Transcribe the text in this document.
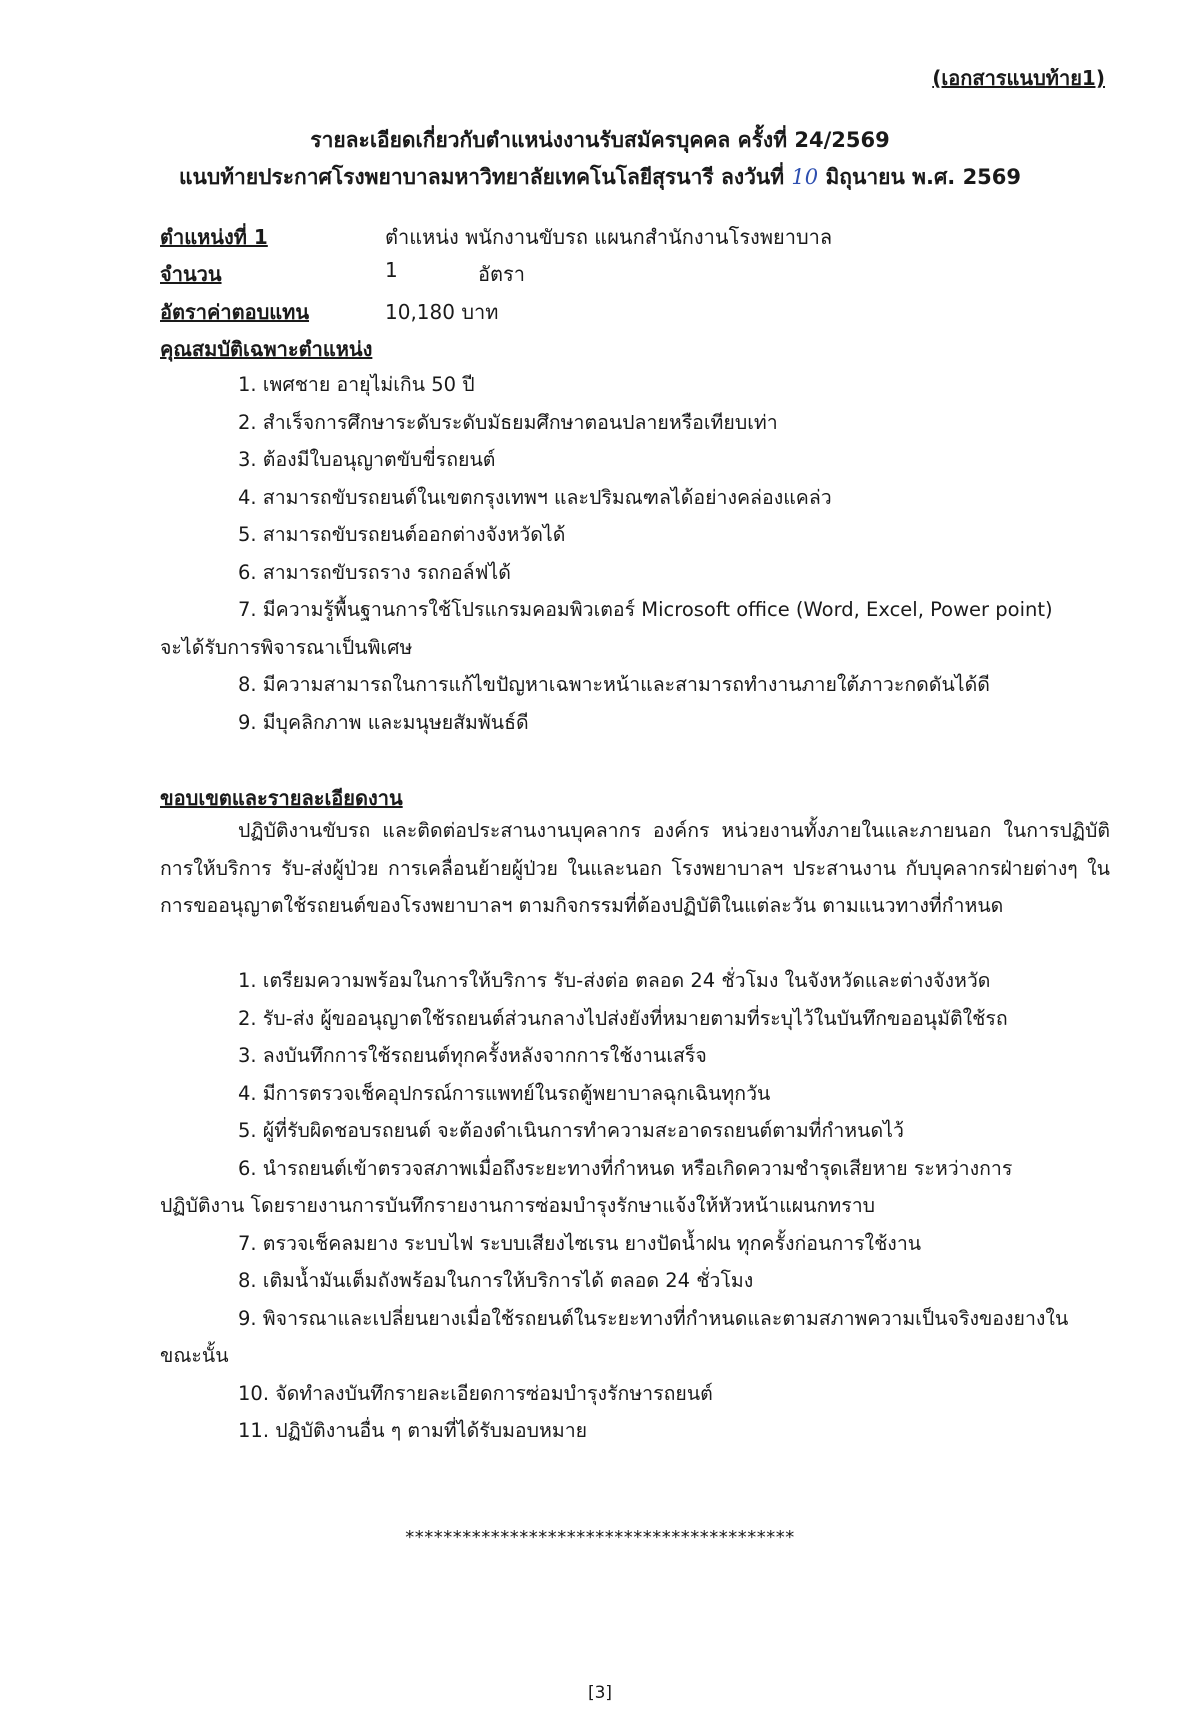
(เอกสารแนบท้าย1)
รายละเอียดเกี่ยวกับตำแหน่งงานรับสมัครบุคคล ครั้งที่ 24/2569
แนบท้ายประกาศโรงพยาบาลมหาวิทยาลัยเทคโนโลยีสุรนารี ลงวันที่ 10 มิถุนายน พ.ศ. 2569
ตำแหน่งที่ 1	ตำแหน่ง พนักงานขับรถ แผนกสำนักงานโรงพยาบาล
จำนวน	1	อัตรา
อัตราค่าตอบแทน	10,180 บาท
คุณสมบัติเฉพาะตำแหน่ง
1. เพศชาย อายุไม่เกิน 50 ปี
2. สำเร็จการศึกษาระดับระดับมัธยมศึกษาตอนปลายหรือเทียบเท่า
3. ต้องมีใบอนุญาตขับขี่รถยนต์
4. สามารถขับรถยนต์ในเขตกรุงเทพฯ และปริมณฑลได้อย่างคล่องแคล่ว
5. สามารถขับรถยนต์ออกต่างจังหวัดได้
6. สามารถขับรถราง รถกอล์ฟได้
7. มีความรู้พื้นฐานการใช้โปรแกรมคอมพิวเตอร์ Microsoft office (Word, Excel, Power point)
จะได้รับการพิจารณาเป็นพิเศษ
8. มีความสามารถในการแก้ไขปัญหาเฉพาะหน้าและสามารถทำงานภายใต้ภาวะกดดันได้ดี
9. มีบุคลิกภาพ และมนุษยสัมพันธ์ดี
ขอบเขตและรายละเอียดงาน
ปฏิบัติงานขับรถ และติดต่อประสานงานบุคลากร องค์กร หน่วยงานทั้งภายในและภายนอก ในการปฏิบัติการให้บริการ รับ-ส่งผู้ป่วย การเคลื่อนย้ายผู้ป่วย ในและนอก โรงพยาบาลฯ ประสานงาน กับบุคลากรฝ่ายต่างๆ ในการขออนุญาตใช้รถยนต์ของโรงพยาบาลฯ ตามกิจกรรมที่ต้องปฏิบัติในแต่ละวัน ตามแนวทางที่กำหนด
1. เตรียมความพร้อมในการให้บริการ รับ-ส่งต่อ ตลอด 24 ชั่วโมง ในจังหวัดและต่างจังหวัด
2. รับ-ส่ง ผู้ขออนุญาตใช้รถยนต์ส่วนกลางไปส่งยังที่หมายตามที่ระบุไว้ในบันทึกขออนุมัติใช้รถ
3. ลงบันทึกการใช้รถยนต์ทุกครั้งหลังจากการใช้งานเสร็จ
4. มีการตรวจเช็คอุปกรณ์การแพทย์ในรถตู้พยาบาลฉุกเฉินทุกวัน
5. ผู้ที่รับผิดชอบรถยนต์ จะต้องดำเนินการทำความสะอาดรถยนต์ตามที่กำหนดไว้
6. นำรถยนต์เข้าตรวจสภาพเมื่อถึงระยะทางที่กำหนด หรือเกิดความชำรุดเสียหาย ระหว่างการ
ปฏิบัติงาน โดยรายงานการบันทึกรายงานการซ่อมบำรุงรักษาแจ้งให้หัวหน้าแผนกทราบ
7. ตรวจเช็คลมยาง ระบบไฟ ระบบเสียงไซเรน ยางปัดน้ำฝน ทุกครั้งก่อนการใช้งาน
8. เติมน้ำมันเต็มถังพร้อมในการให้บริการได้ ตลอด 24 ชั่วโมง
9. พิจารณาและเปลี่ยนยางเมื่อใช้รถยนต์ในระยะทางที่กำหนดและตามสภาพความเป็นจริงของยางใน
ขณะนั้น
10. จัดทำลงบันทึกรายละเอียดการซ่อมบำรุงรักษารถยนต์
11. ปฏิบัติงานอื่น ๆ ตามที่ได้รับมอบหมาย
*****************************************
[3]
